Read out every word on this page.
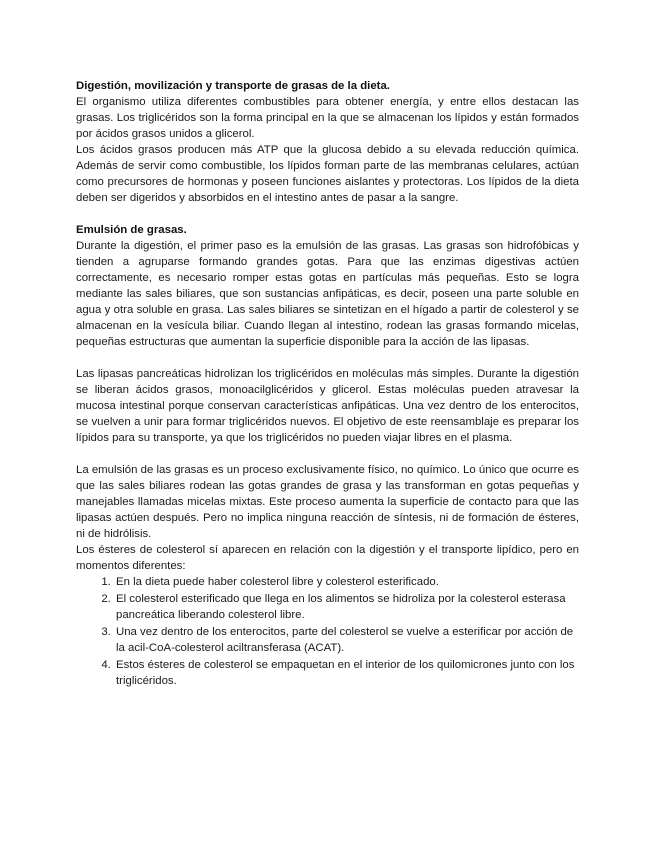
Digestión, movilización y transporte de grasas de la dieta.

El organismo utiliza diferentes combustibles para obtener energía, y entre ellos destacan las grasas. Los triglicéridos son la forma principal en la que se almacenan los lípidos y están formados por ácidos grasos unidos a glicerol.

Los ácidos grasos producen más ATP que la glucosa debido a su elevada reducción química. Además de servir como combustible, los lípidos forman parte de las membranas celulares, actúan como precursores de hormonas y poseen funciones aislantes y protectoras. Los lípidos de la dieta deben ser digeridos y absorbidos en el intestino antes de pasar a la sangre.

Emulsión de grasas.

Durante la digestión, el primer paso es la emulsión de las grasas. Las grasas son hidrofóbicas y tienden a agruparse formando grandes gotas. Para que las enzimas digestivas actúen correctamente, es necesario romper estas gotas en partículas más pequeñas. Esto se logra mediante las sales biliares, que son sustancias anfipáticas, es decir, poseen una parte soluble en agua y otra soluble en grasa. Las sales biliares se sintetizan en el hígado a partir de colesterol y se almacenan en la vesícula biliar. Cuando llegan al intestino, rodean las grasas formando micelas, pequeñas estructuras que aumentan la superficie disponible para la acción de las lipasas.

Las lipasas pancreáticas hidrolizan los triglicéridos en moléculas más simples. Durante la digestión se liberan ácidos grasos, monoacilglicéridos y glicerol. Estas moléculas pueden atravesar la mucosa intestinal porque conservan características anfipáticas. Una vez dentro de los enterocitos, se vuelven a unir para formar triglicéridos nuevos. El objetivo de este reensamblaje es preparar los lípidos para su transporte, ya que los triglicéridos no pueden viajar libres en el plasma.

La emulsión de las grasas es un proceso exclusivamente físico, no químico. Lo único que ocurre es que las sales biliares rodean las gotas grandes de grasa y las transforman en gotas pequeñas y manejables llamadas micelas mixtas. Este proceso aumenta la superficie de contacto para que las lipasas actúen después. Pero no implica ninguna reacción de síntesis, ni de formación de ésteres, ni de hidrólisis.

Los ésteres de colesterol sí aparecen en relación con la digestión y el transporte lipídico, pero en momentos diferentes:

1. En la dieta puede haber colesterol libre y colesterol esterificado.
2. El colesterol esterificado que llega en los alimentos se hidroliza por la colesterol esterasa pancreática liberando colesterol libre.
3. Una vez dentro de los enterocitos, parte del colesterol se vuelve a esterificar por acción de la acil-CoA-colesterol aciltransferasa (ACAT).
4. Estos ésteres de colesterol se empaquetan en el interior de los quilomicrones junto con los triglicéridos.
